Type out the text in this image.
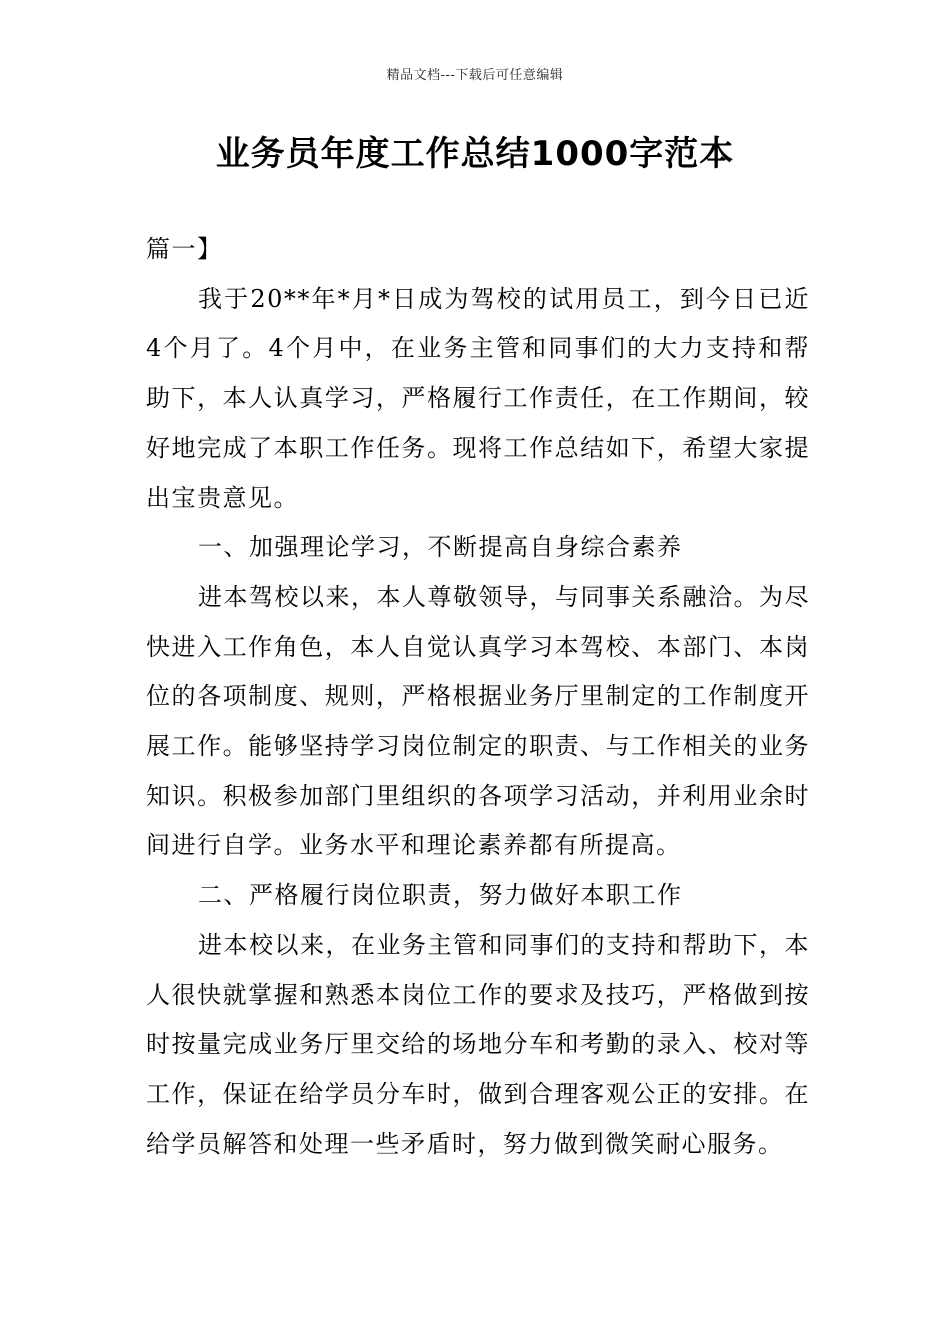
精品文档---下载后可任意编辑
业务员年度工作总结1000字范本

篇一】

我于20**年*月*日成为驾校的试用员工，到今日已近4个月了。4个月中，在业务主管和同事们的大力支持和帮助下，本人认真学习，严格履行工作责任，在工作期间，较好地完成了本职工作任务。现将工作总结如下，希望大家提出宝贵意见。

一、加强理论学习，不断提高自身综合素养

进本驾校以来，本人尊敬领导，与同事关系融洽。为尽快进入工作角色，本人自觉认真学习本驾校、本部门、本岗位的各项制度、规则，严格根据业务厅里制定的工作制度开展工作。能够坚持学习岗位制定的职责、与工作相关的业务知识。积极参加部门里组织的各项学习活动，并利用业余时间进行自学。业务水平和理论素养都有所提高。

二、严格履行岗位职责，努力做好本职工作

进本校以来，在业务主管和同事们的支持和帮助下，本人很快就掌握和熟悉本岗位工作的要求及技巧，严格做到按时按量完成业务厅里交给的场地分车和考勤的录入、校对等工作，保证在给学员分车时，做到合理客观公正的安排。在给学员解答和处理一些矛盾时，努力做到微笑耐心服务。
